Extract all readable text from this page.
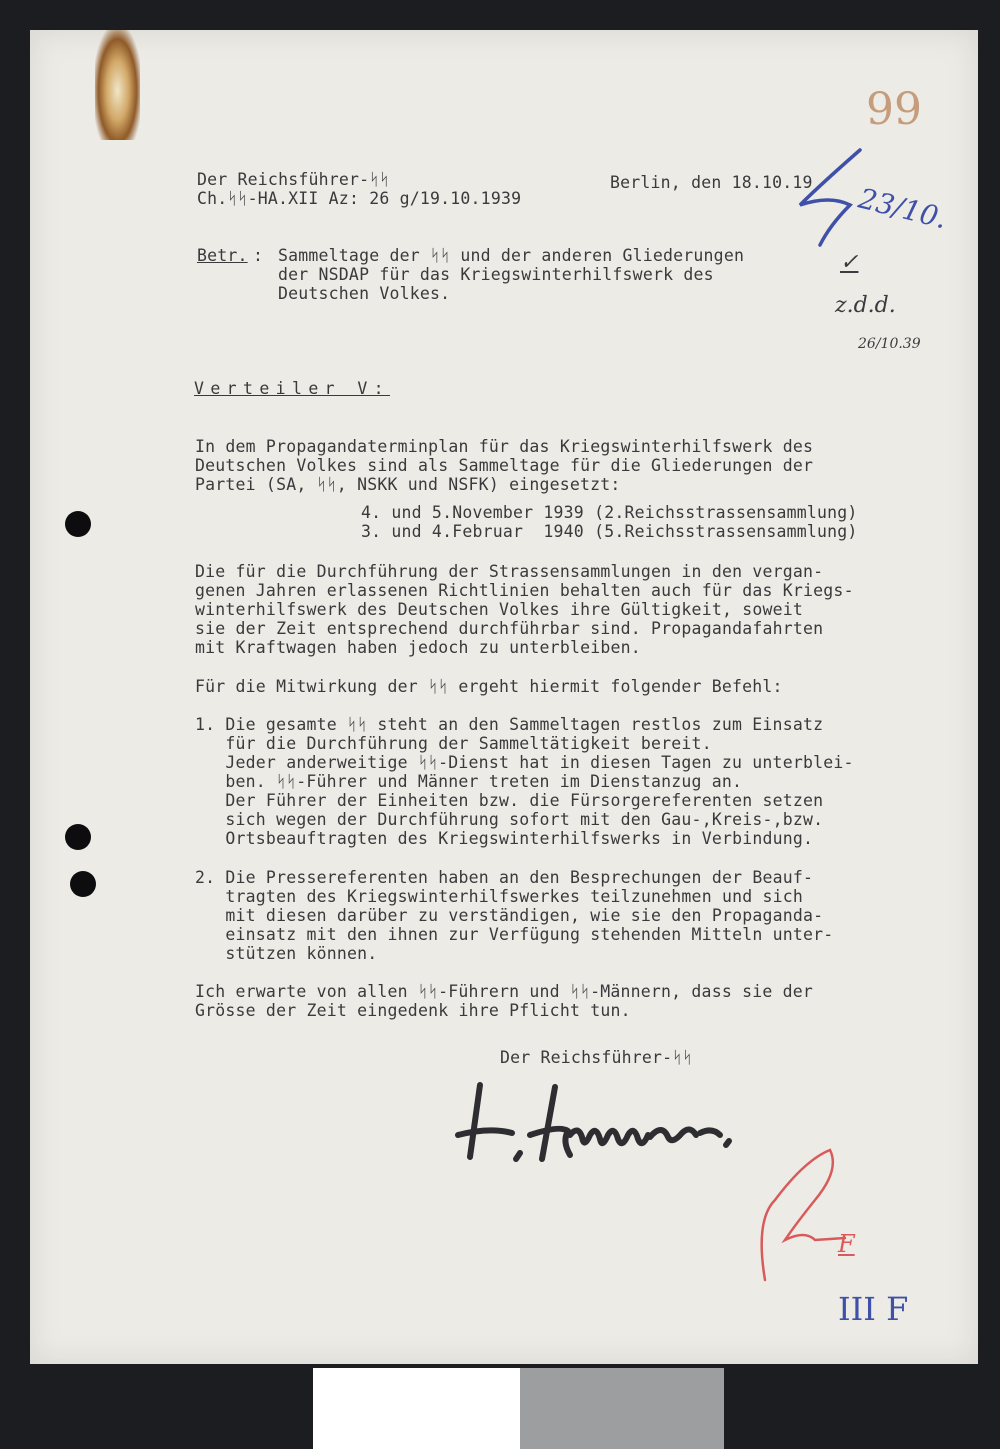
Der Reichsführer-ᛋᛋ
Ch.ᛋᛋ-HA.XII Az: 26 g/19.10.1939
Berlin, den 18.10.19
Betr. : Sammeltage der ᛋᛋ und der anderen Gliederungen
der NSDAP für das Kriegswinterhilfswerk des
Deutschen Volkes.
Verteiler V:
In dem Propagandaterminplan für das Kriegswinterhilfswerk des
Deutschen Volkes sind als Sammeltage für die Gliederungen der
Partei (SA, ᛋᛋ, NSKK und NSFK) eingesetzt:
4. und 5.November 1939 (2.Reichsstrassensammlung)
3. und 4.Februar  1940 (5.Reichsstrassensammlung)
Die für die Durchführung der Strassensammlungen in den vergan-
genen Jahren erlassenen Richtlinien behalten auch für das Kriegs-
winterhilfswerk des Deutschen Volkes ihre Gültigkeit, soweit
sie der Zeit entsprechend durchführbar sind. Propagandafahrten
mit Kraftwagen haben jedoch zu unterbleiben.
Für die Mitwirkung der ᛋᛋ ergeht hiermit folgender Befehl:
1. Die gesamte ᛋᛋ steht an den Sammeltagen restlos zum Einsatz
für die Durchführung der Sammeltätigkeit bereit.
Jeder anderweitige ᛋᛋ-Dienst hat in diesen Tagen zu unterblei-
ben. ᛋᛋ-Führer und Männer treten im Dienstanzug an.
Der Führer der Einheiten bzw. die Fürsorgereferenten setzen
sich wegen der Durchführung sofort mit den Gau-,Kreis-,bzw.
Ortsbeauftragten des Kriegswinterhilfswerks in Verbindung.
2. Die Pressereferenten haben an den Besprechungen der Beauf-
tragten des Kriegswinterhilfswerkes teilzunehmen und sich
mit diesen darüber zu verständigen, wie sie den Propaganda-
einsatz mit den ihnen zur Verfügung stehenden Mitteln unter-
stützen können.
Ich erwarte von allen ᛋᛋ-Führern und ᛋᛋ-Männern, dass sie der
Grösse der Zeit eingedenk ihre Pflicht tun.
Der Reichsführer-ᛋᛋ
99
23/10.
✓
z.d.d.
26/10.39
F
III F
